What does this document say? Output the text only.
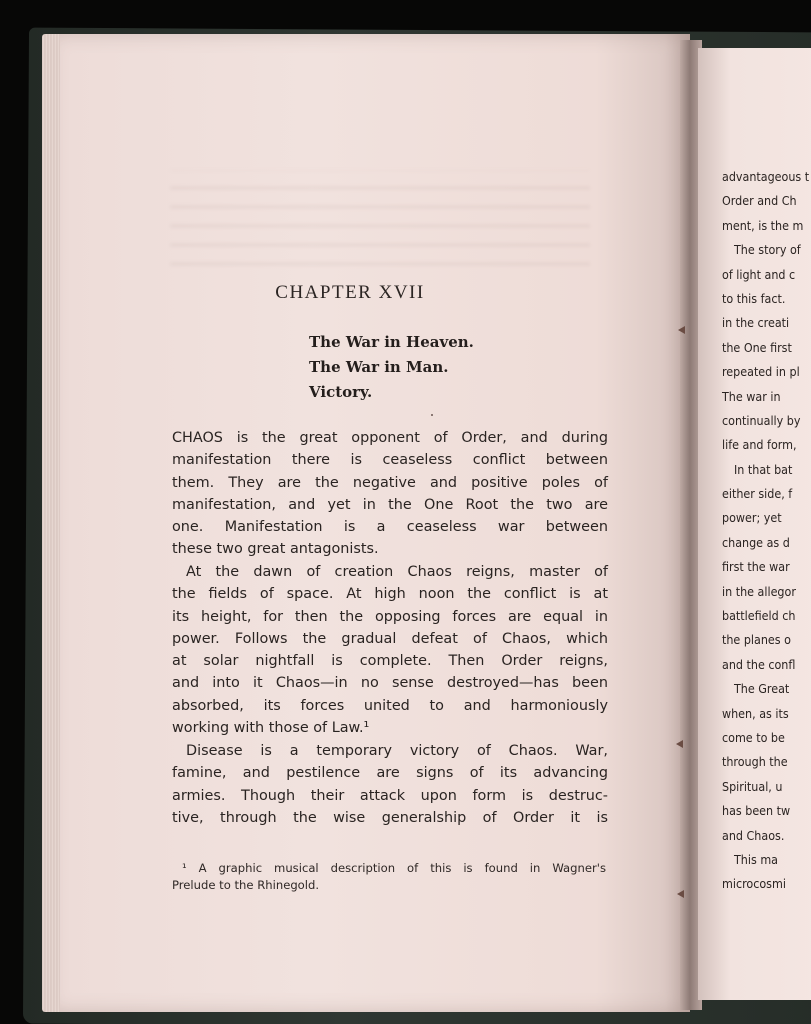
CHAPTER XVII
The War in Heaven.
The War in Man.
Victory.
CHAOS is the great opponent of Order, and during
manifestation there is ceaseless conflict between
them. They are the negative and positive poles of
manifestation, and yet in the One Root the two are
one. Manifestation is a ceaseless war between
these two great antagonists.
At the dawn of creation Chaos reigns, master of
the fields of space. At high noon the conflict is at
its height, for then the opposing forces are equal in
power. Follows the gradual defeat of Chaos, which
at solar nightfall is complete. Then Order reigns,
and into it Chaos—in no sense destroyed—has been
absorbed, its forces united to and harmoniously
working with those of Law.¹
Disease is a temporary victory of Chaos. War,
famine, and pestilence are signs of its advancing
armies. Though their attack upon form is destruc-
tive, through the wise generalship of Order it is
¹ A graphic musical description of this is found in Wagner's
Prelude to the Rhinegold.
advantageous t
Order and Ch
ment, is the m
The story of
of light and c
to this fact.
in the creati
the One first
repeated in pl
The war in
continually by
life and form,
In that bat
either side, f
power; yet
change as d
first the war
in the allegor
battlefield ch
the planes o
and the confl
The Great
when, as its
come to be
through the
Spiritual, u
has been tw
and Chaos.
This ma
microcosmi
